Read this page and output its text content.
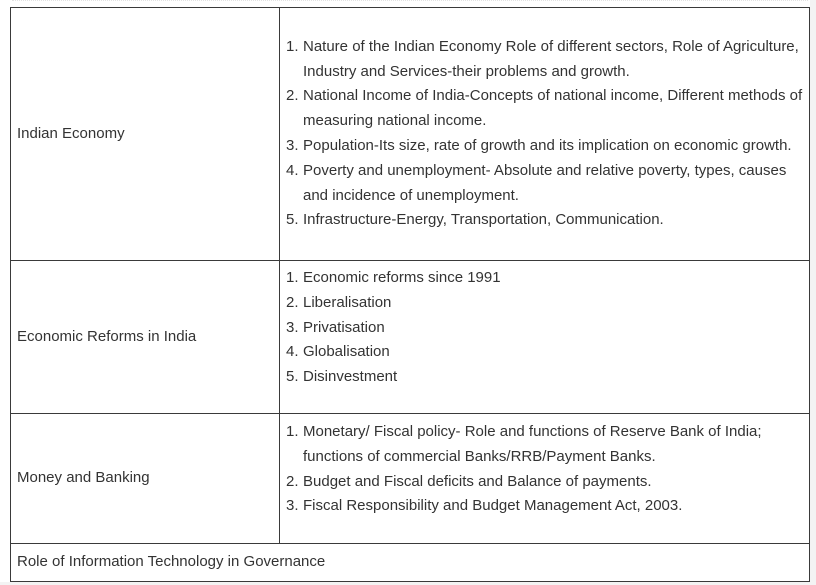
Indian Economy	
1. Nature of the Indian Economy Role of different sectors, Role of Agriculture, Industry and Services-their problems and growth.
2. National Income of India-Concepts of national income, Different methods of measuring national income.
3. Population-Its size, rate of growth and its implication on economic growth.
4. Poverty and unemployment- Absolute and relative poverty, types, causes and incidence of unemployment.
5. Infrastructure-Energy, Transportation, Communication.

Economic Reforms in India	
1. Economic reforms since 1991
2. Liberalisation
3. Privatisation
4. Globalisation
5. Disinvestment

Money and Banking	
1. Monetary/ Fiscal policy- Role and functions of Reserve Bank of India; functions of commercial Banks/RRB/Payment Banks.
2. Budget and Fiscal deficits and Balance of payments.
3. Fiscal Responsibility and Budget Management Act, 2003.

Role of Information Technology in Governance	
